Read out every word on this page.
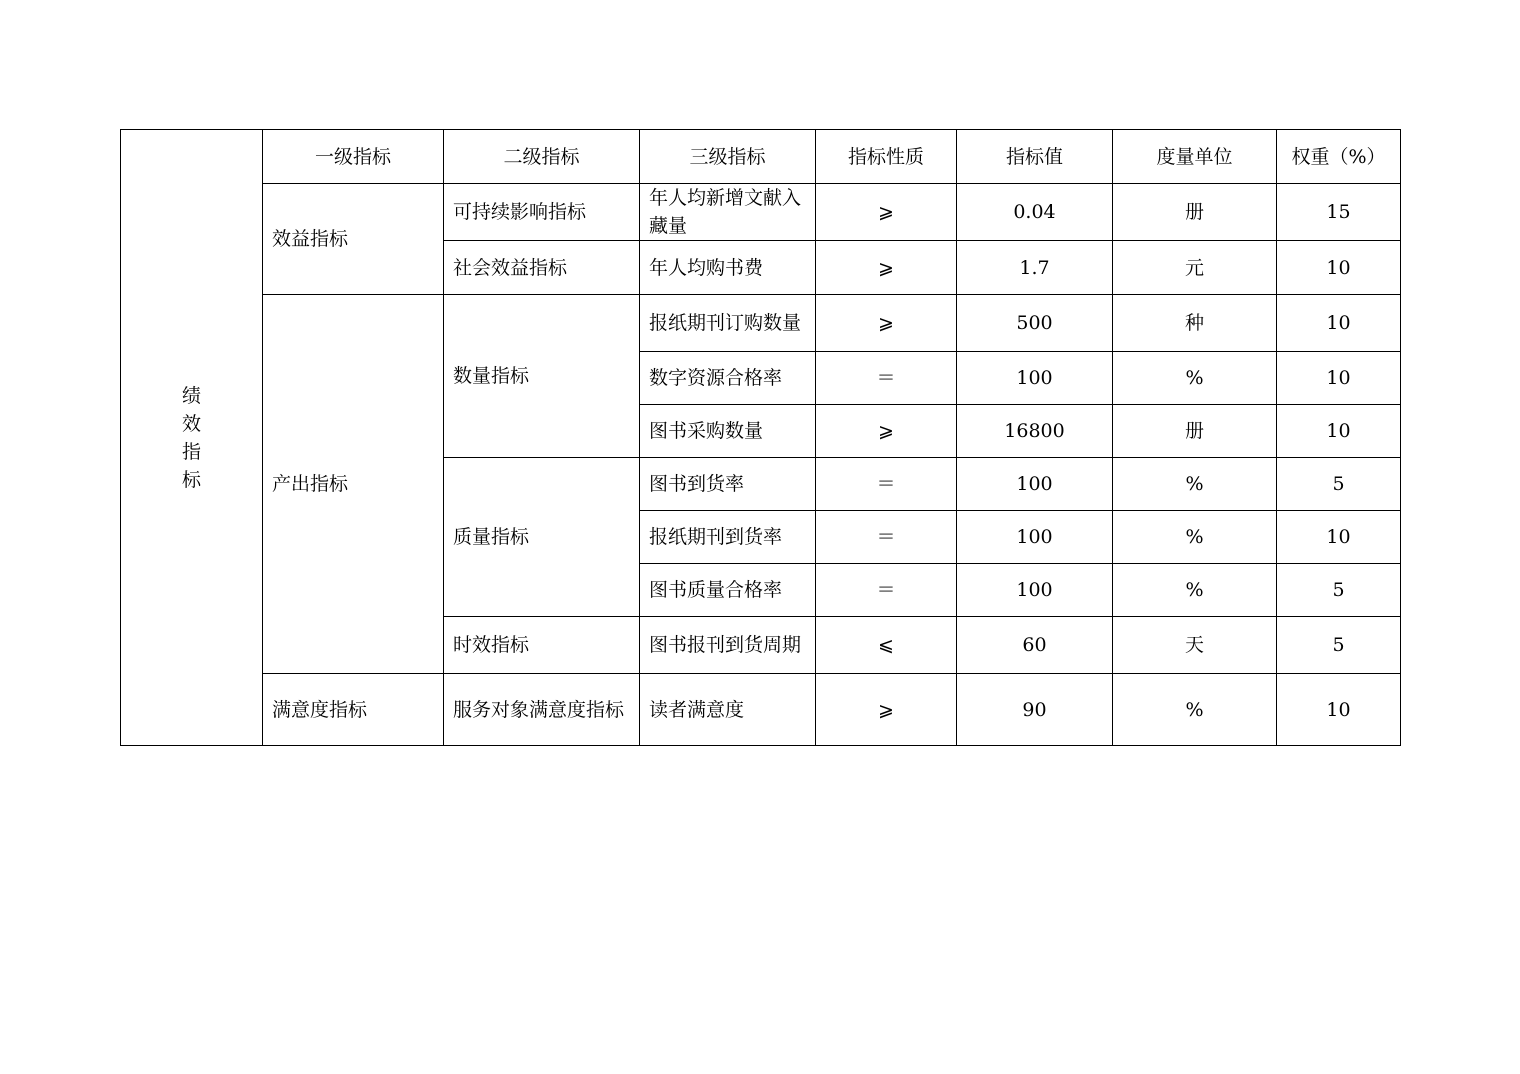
绩
效
指
标	一级指标	二级指标	三级指标	指标性质	指标值	度量单位	权重（%）
	效益指标	可持续影响指标	年人均新增文献入藏量	⩾	0.04	册	15
		社会效益指标	年人均购书费	⩾	1.7	元	10
	产出指标	数量指标	报纸期刊订购数量	⩾	500	种	10
			数字资源合格率	＝	100	%	10
			图书采购数量	⩾	16800	册	10
		质量指标	图书到货率	＝	100	%	5
			报纸期刊到货率	＝	100	%	10
			图书质量合格率	＝	100	%	5
		时效指标	图书报刊到货周期	⩽	60	天	5
	满意度指标	服务对象满意度指标	读者满意度	⩾	90	%	10
